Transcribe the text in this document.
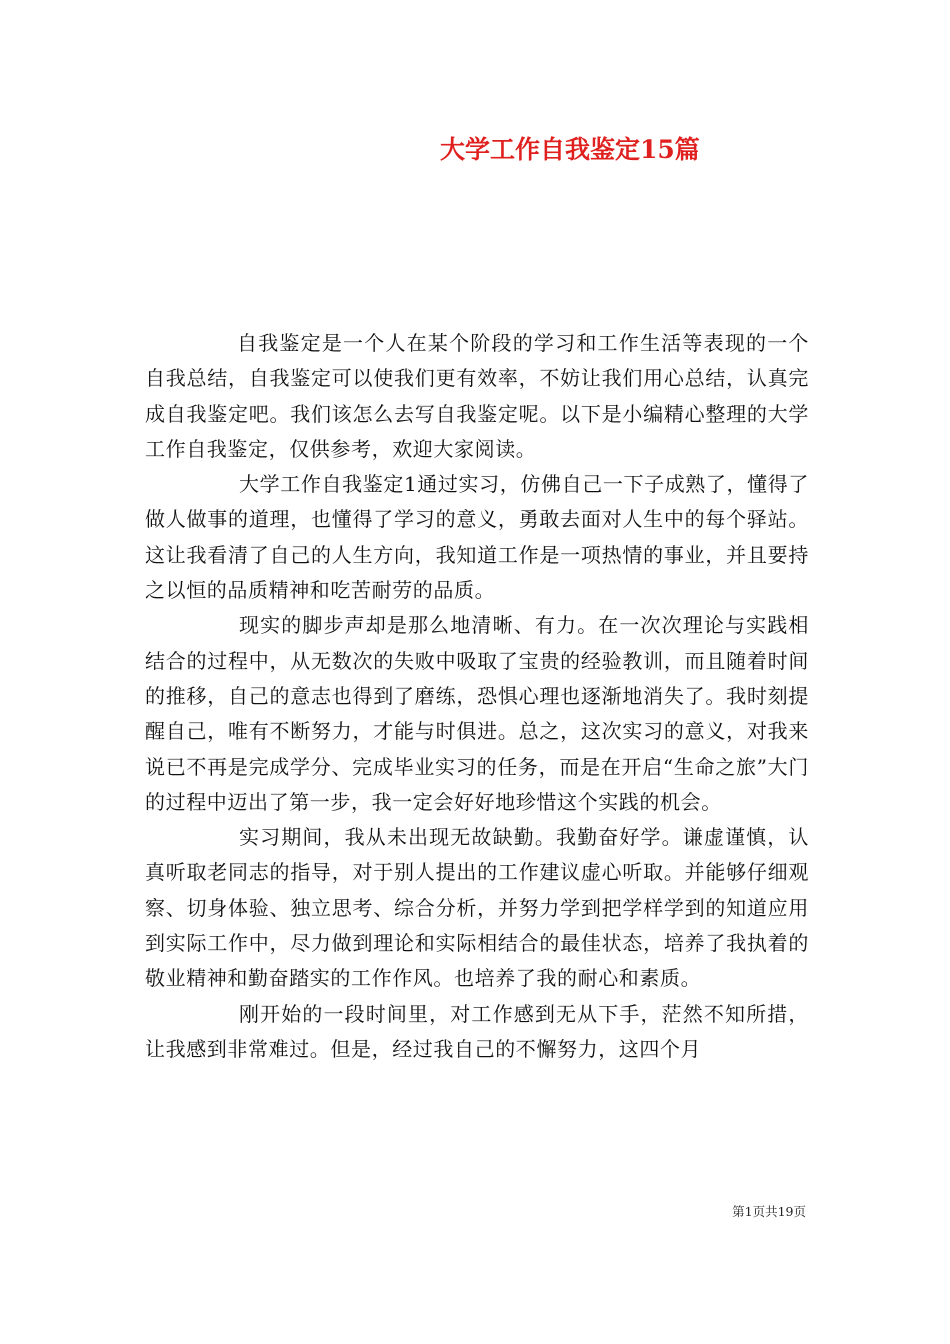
大学工作自我鉴定15篇

自我鉴定是一个人在某个阶段的学习和工作生活等表现的一个自我总结，自我鉴定可以使我们更有效率，不妨让我们用心总结，认真完成自我鉴定吧。我们该怎么去写自我鉴定呢。以下是小编精心整理的大学工作自我鉴定，仅供参考，欢迎大家阅读。

大学工作自我鉴定1通过实习，仿佛自己一下子成熟了，懂得了做人做事的道理，也懂得了学习的意义，勇敢去面对人生中的每个驿站。这让我看清了自己的人生方向，我知道工作是一项热情的事业，并且要持之以恒的品质精神和吃苦耐劳的品质。

现实的脚步声却是那么地清晰、有力。在一次次理论与实践相结合的过程中，从无数次的失败中吸取了宝贵的经验教训，而且随着时间的推移，自己的意志也得到了磨练，恐惧心理也逐渐地消失了。我时刻提醒自己，唯有不断努力，才能与时俱进。总之，这次实习的意义，对我来说已不再是完成学分、完成毕业实习的任务，而是在开启“生命之旅”大门的过程中迈出了第一步，我一定会好好地珍惜这个实践的机会。

实习期间，我从未出现无故缺勤。我勤奋好学。谦虚谨慎，认真听取老同志的指导，对于别人提出的工作建议虚心听取。并能够仔细观察、切身体验、独立思考、综合分析，并努力学到把学样学到的知道应用到实际工作中，尽力做到理论和实际相结合的最佳状态，培养了我执着的敬业精神和勤奋踏实的工作作风。也培养了我的耐心和素质。

刚开始的一段时间里，对工作感到无从下手，茫然不知所措，让我感到非常难过。但是，经过我自己的不懈努力，这四个月

第1页共19页
